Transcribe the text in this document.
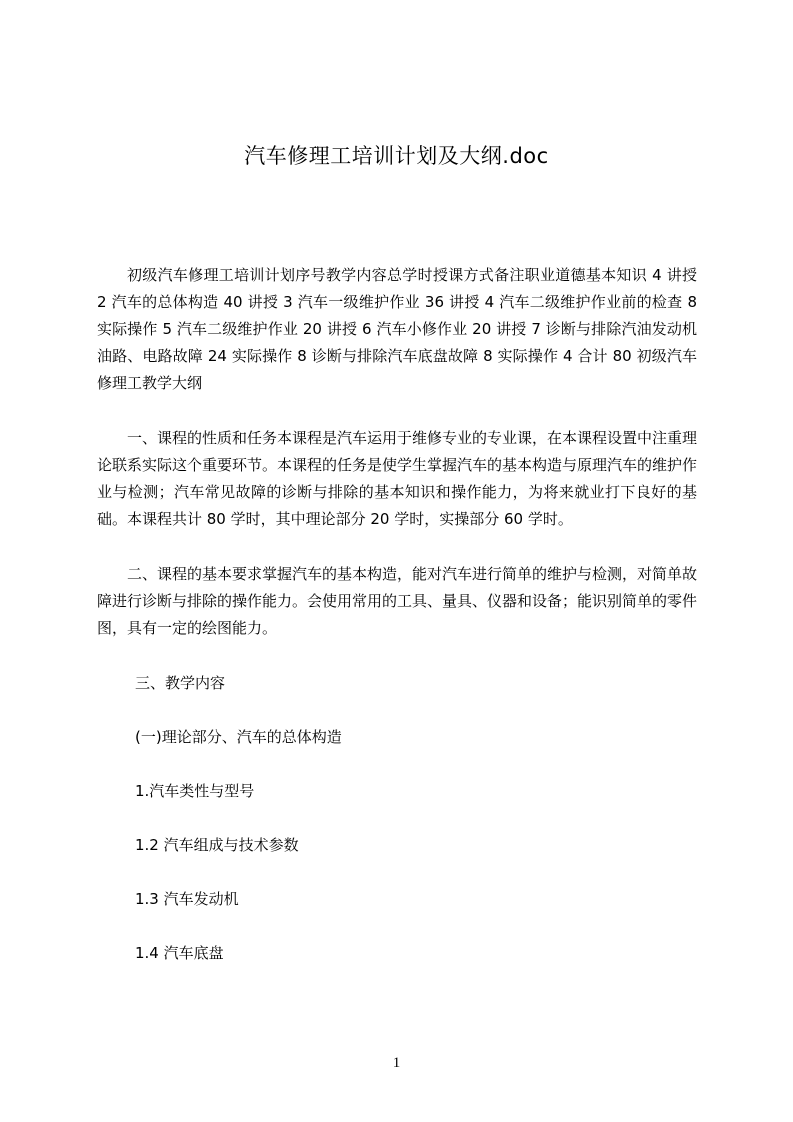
汽车修理工培训计划及大纲.doc

初级汽车修理工培训计划序号教学内容总学时授课方式备注职业道德基本知识 4 讲授 2 汽车的总体构造 40 讲授 3 汽车一级维护作业 36 讲授 4 汽车二级维护作业前的检查 8 实际操作 5 汽车二级维护作业 20 讲授 6 汽车小修作业 20 讲授 7 诊断与排除汽油发动机油路、电路故障 24 实际操作 8 诊断与排除汽车底盘故障 8 实际操作 4 合计 80 初级汽车修理工教学大纲

一、课程的性质和任务本课程是汽车运用于维修专业的专业课，在本课程设置中注重理论联系实际这个重要环节。本课程的任务是使学生掌握汽车的基本构造与原理汽车的维护作业与检测；汽车常见故障的诊断与排除的基本知识和操作能力，为将来就业打下良好的基础。本课程共计 80 学时，其中理论部分 20 学时，实操部分 60 学时。

二、课程的基本要求掌握汽车的基本构造，能对汽车进行简单的维护与检测，对简单故障进行诊断与排除的操作能力。会使用常用的工具、量具、仪器和设备；能识别简单的零件图，具有一定的绘图能力。

三、教学内容

(一)理论部分、汽车的总体构造

1.汽车类性与型号

1.2 汽车组成与技术参数

1.3 汽车发动机

1.4 汽车底盘

1
